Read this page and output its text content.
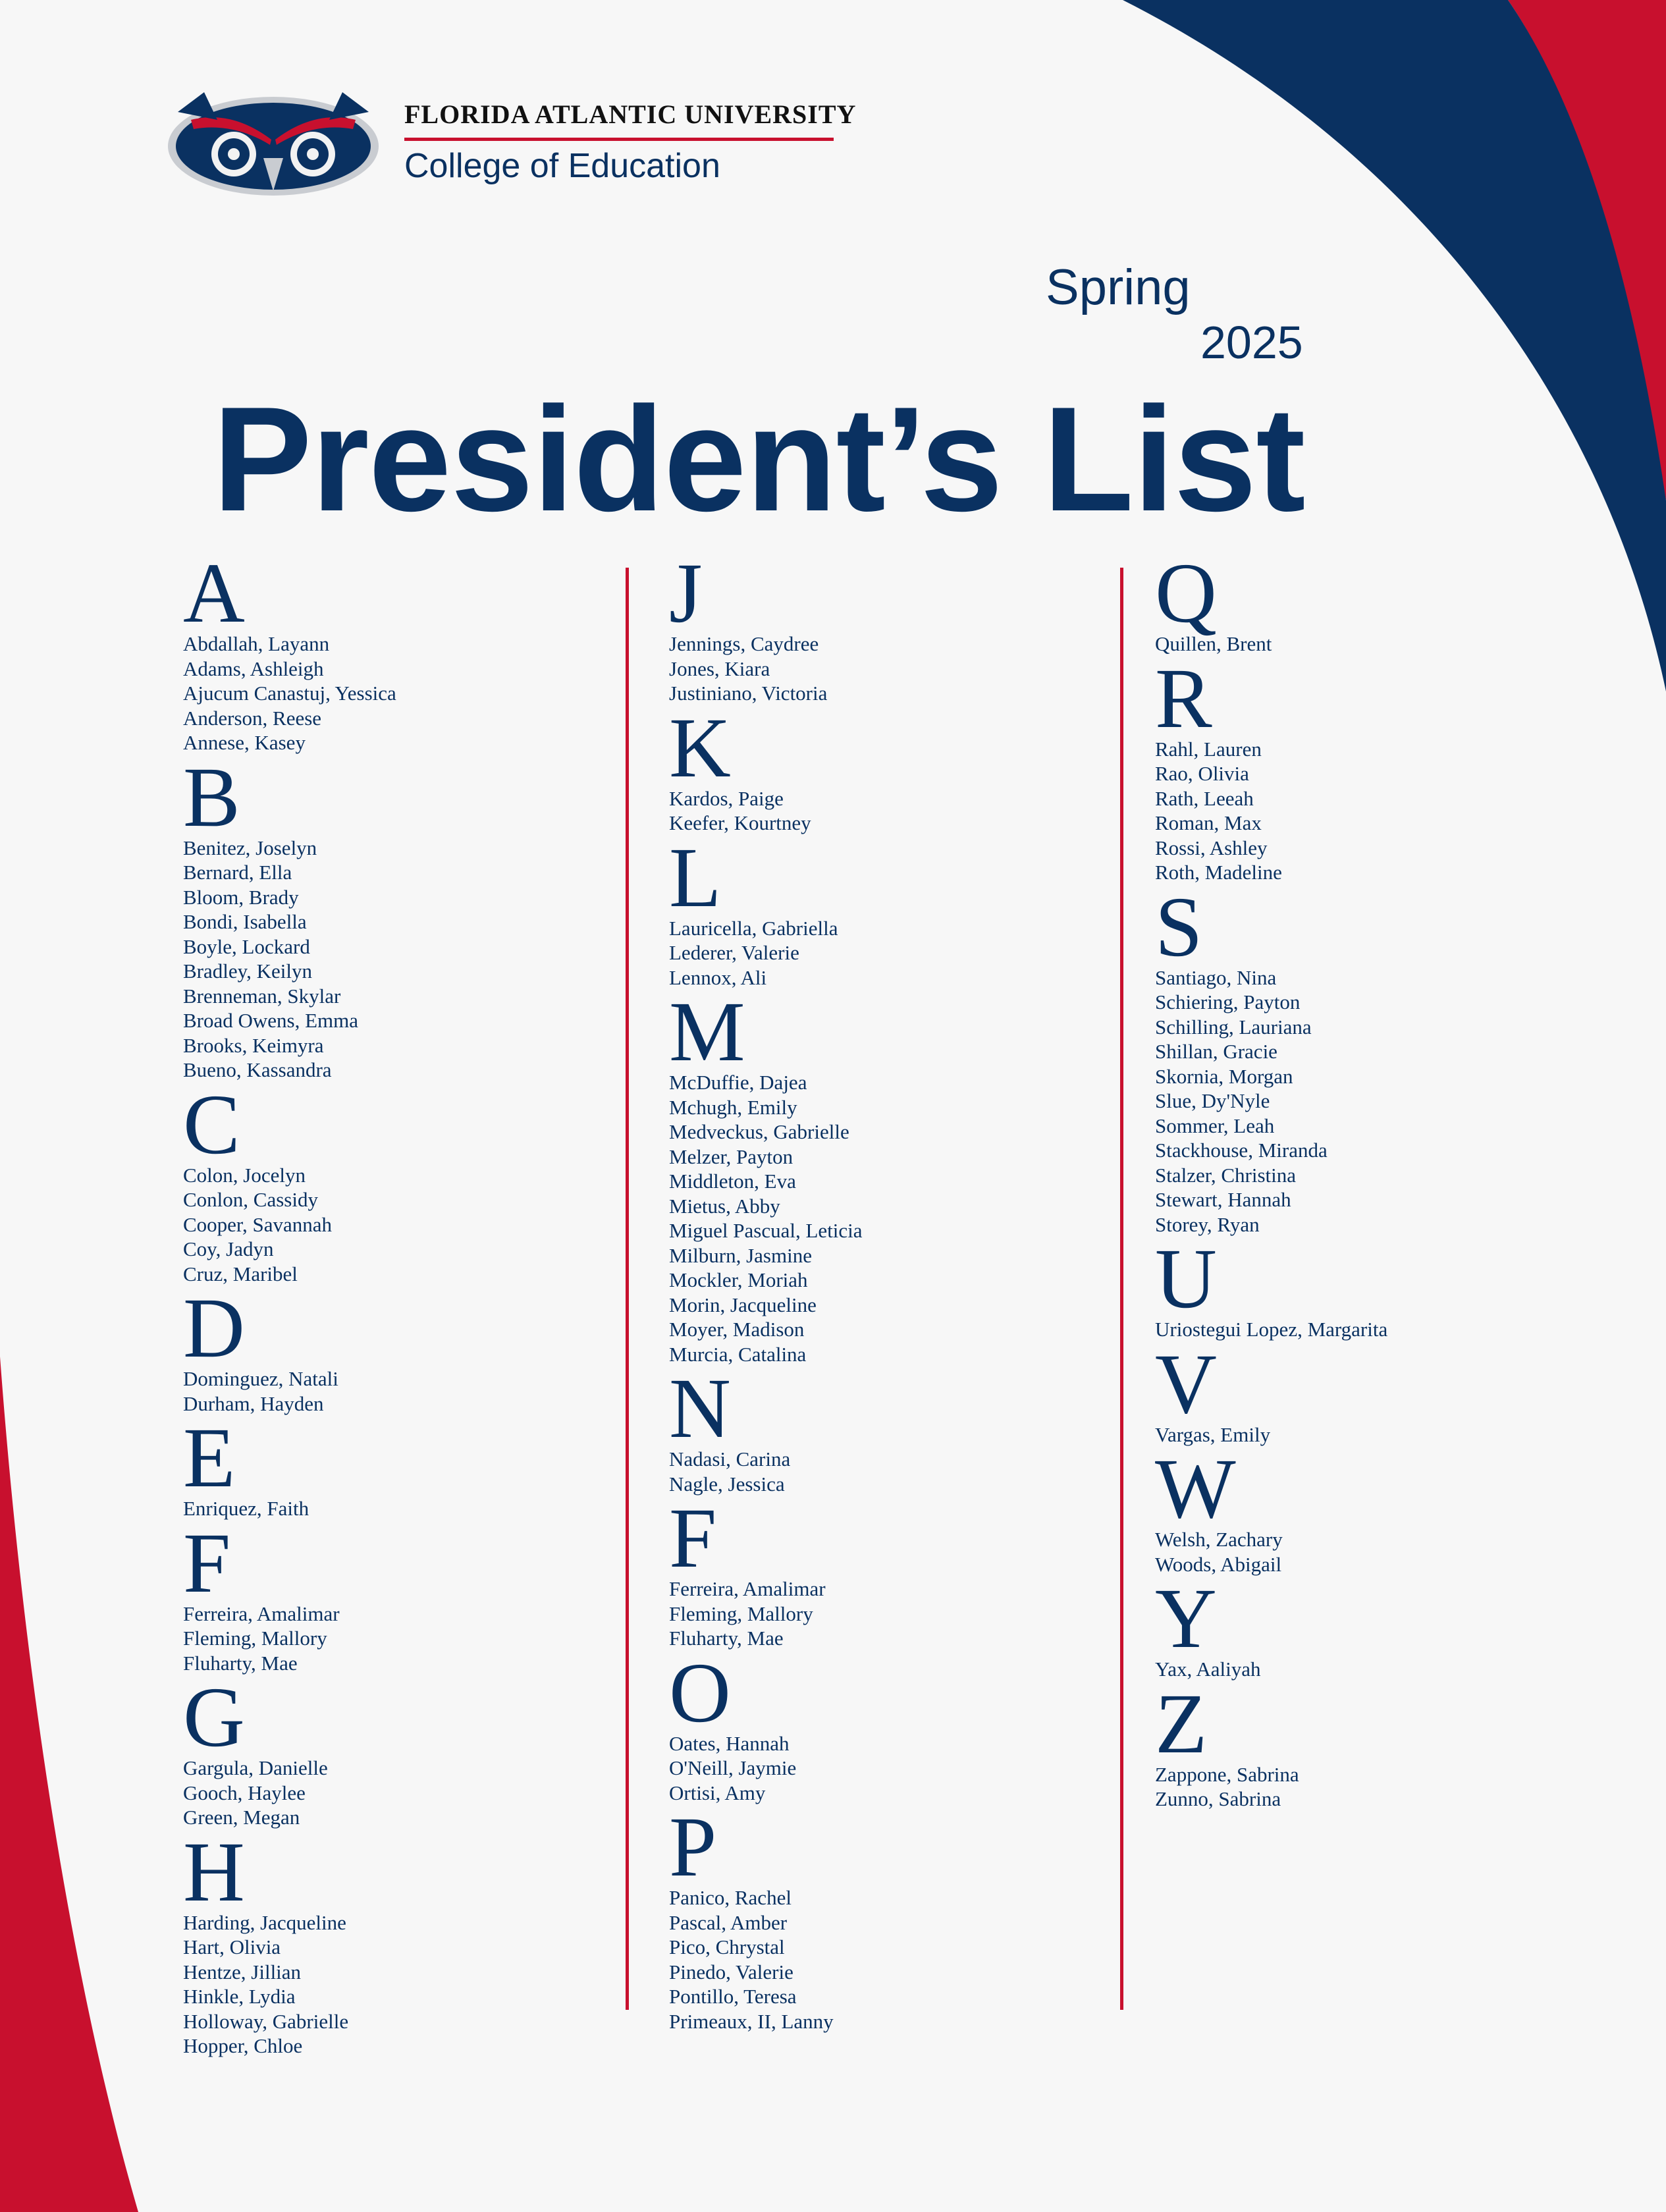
FLORIDA ATLANTIC UNIVERSITY
College of Education
Spring
2025
President’s List
A
Abdallah, Layann
Adams, Ashleigh
Ajucum Canastuj, Yessica
Anderson, Reese
Annese, Kasey
B
Benitez, Joselyn
Bernard, Ella
Bloom, Brady
Bondi, Isabella
Boyle, Lockard
Bradley, Keilyn
Brenneman, Skylar
Broad Owens, Emma
Brooks, Keimyra
Bueno, Kassandra
C
Colon, Jocelyn
Conlon, Cassidy
Cooper, Savannah
Coy, Jadyn
Cruz, Maribel
D
Dominguez, Natali
Durham, Hayden
E
Enriquez, Faith
F
Ferreira, Amalimar
Fleming, Mallory
Fluharty, Mae
G
Gargula, Danielle
Gooch, Haylee
Green, Megan
H
Harding, Jacqueline
Hart, Olivia
Hentze, Jillian
Hinkle, Lydia
Holloway, Gabrielle
Hopper, Chloe
J
Jennings, Caydree
Jones, Kiara
Justiniano, Victoria
K
Kardos, Paige
Keefer, Kourtney
L
Lauricella, Gabriella
Lederer, Valerie
Lennox, Ali
M
McDuffie, Dajea
Mchugh, Emily
Medveckus, Gabrielle
Melzer, Payton
Middleton, Eva
Mietus, Abby
Miguel Pascual, Leticia
Milburn, Jasmine
Mockler, Moriah
Morin, Jacqueline
Moyer, Madison
Murcia, Catalina
N
Nadasi, Carina
Nagle, Jessica
F
Ferreira, Amalimar
Fleming, Mallory
Fluharty, Mae
O
Oates, Hannah
O'Neill, Jaymie
Ortisi, Amy
P
Panico, Rachel
Pascal, Amber
Pico, Chrystal
Pinedo, Valerie
Pontillo, Teresa
Primeaux, II, Lanny
Q
Quillen, Brent
R
Rahl, Lauren
Rao, Olivia
Rath, Leeah
Roman, Max
Rossi, Ashley
Roth, Madeline
S
Santiago, Nina
Schiering, Payton
Schilling, Lauriana
Shillan, Gracie
Skornia, Morgan
Slue, Dy'Nyle
Sommer, Leah
Stackhouse, Miranda
Stalzer, Christina
Stewart, Hannah
Storey, Ryan
U
Uriostegui Lopez, Margarita
V
Vargas, Emily
W
Welsh, Zachary
Woods, Abigail
Y
Yax, Aaliyah
Z
Zappone, Sabrina
Zunno, Sabrina
